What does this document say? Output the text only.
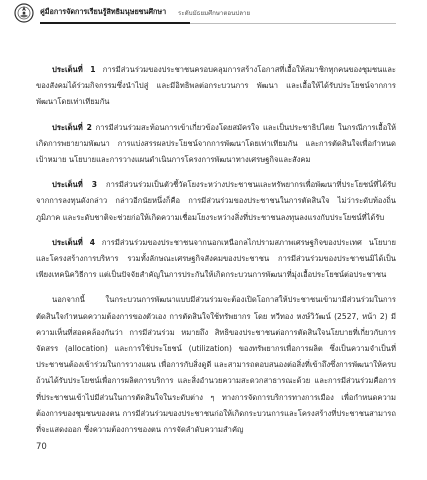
คู่มือการจัดการเรียนรู้สิทธิมนุษยชนศึกษา ระดับมัธยมศึกษาตอนปลาย

ประเด็นที่ 1 การมีส่วนร่วมของประชาชนครอบคลุมการสร้างโอกาสที่เอื้อให้สมาชิกทุกคนของชุมชนและของสังคมได้ร่วมกิจกรรมซึ่งนำไปสู่ และมีอิทธิพลต่อกระบวนการ พัฒนา และเอื้อให้ได้รับประโยชน์จากการพัฒนาโดยเท่าเทียมกัน

ประเด็นที่ 2 การมีส่วนร่วมสะท้อนการเข้าเกี่ยวข้องโดยสมัครใจ และเป็นประชาธิปไตย ในกรณีการเอื้อให้เกิดการพยายามพัฒนา การแบ่งสรรผลประโยชน์จากการพัฒนาโดยเท่าเทียมกัน และการตัดสินใจเพื่อกำหนดเป้าหมาย นโยบายและการวางแผนดำเนินการโครงการพัฒนาทางเศรษฐกิจและสังคม

ประเด็นที่ 3 การมีส่วนร่วมเป็นตัวชี้วัดโยงระหว่างประชาชนและทรัพยากรเพื่อพัฒนาที่ประโยชน์ที่ได้รับจากการลงทุนดังกล่าว กล่าวอีกนัยหนึ่งก็คือ การมีส่วนร่วมของประชาชนในการตัดสินใจ ไม่ว่าระดับท้องถิ่น ภูมิภาค และระดับชาติจะช่วยก่อให้เกิดความเชื่อมโยงระหว่างสิ่งที่ประชาชนลงทุนลงแรงกับประโยชน์ที่ได้รับ

ประเด็นที่ 4 การมีส่วนร่วมของประชาชนจากนอกเหนือกลไกปรามสภาพเศรษฐกิจของประเทศ นโยบาย และโครงสร้างการบริหาร รวมทั้งลักษณะเศรษฐกิจสังคมของประชาชน การมีส่วนร่วมของประชาชนมิได้เป็นเพียงเทคนิควิธีการ แต่เป็นปัจจัยสำคัญในการประกันให้เกิดกระบวนการพัฒนาที่มุ่งเอื้อประโยชน์ต่อประชาชน

นอกจากนี้ ในกระบวนการพัฒนาแบบมีส่วนร่วมจะต้องเปิดโอกาสให้ประชาชนเข้ามามีส่วนร่วมในการตัดสินใจกำหนดความต้องการของตัวเอง การตัดสินใจใช้ทรัพยากร โดย ทวีทอง หงษ์วิวัฒน์ (2527, หน้า 2) มีความเห็นที่สอดคล้องกันว่า การมีส่วนร่วม หมายถึง สิทธิของประชาชนต่อการตัดสินใจนโยบายที่เกี่ยวกับการจัดสรร (allocation) และการใช้ประโยชน์ (utilization) ของทรัพยากรเพื่อการผลิต ซึ่งเป็นความจำเป็นที่ประชาชนต้องเข้าร่วมในการวางแผน เพื่อการกับสิ่งดูดี และสามารถตอบสนองต่อสิ่งที่เข้าถึงซึ่งการพัฒนาให้ครบถ้วนได้รับประโยชน์เพื่อการผลิตการบริการ และสิ่งอำนวยความสะดวกสาธารณะด้วย และการมีส่วนร่วมคือการที่ประชาชนเข้าไปมีส่วนในการตัดสินใจในระดับต่าง ๆ ทางการจัดการบริการทางการเมือง เพื่อกำหนดความต้องการของชุมชนของตน การมีส่วนร่วมของประชาชนก่อให้เกิดกระบวนการและโครงสร้างที่ประชาชนสามารถที่จะแสดงออก ซึ่งความต้องการของตน การจัดลำดับความสำคัญ

70
